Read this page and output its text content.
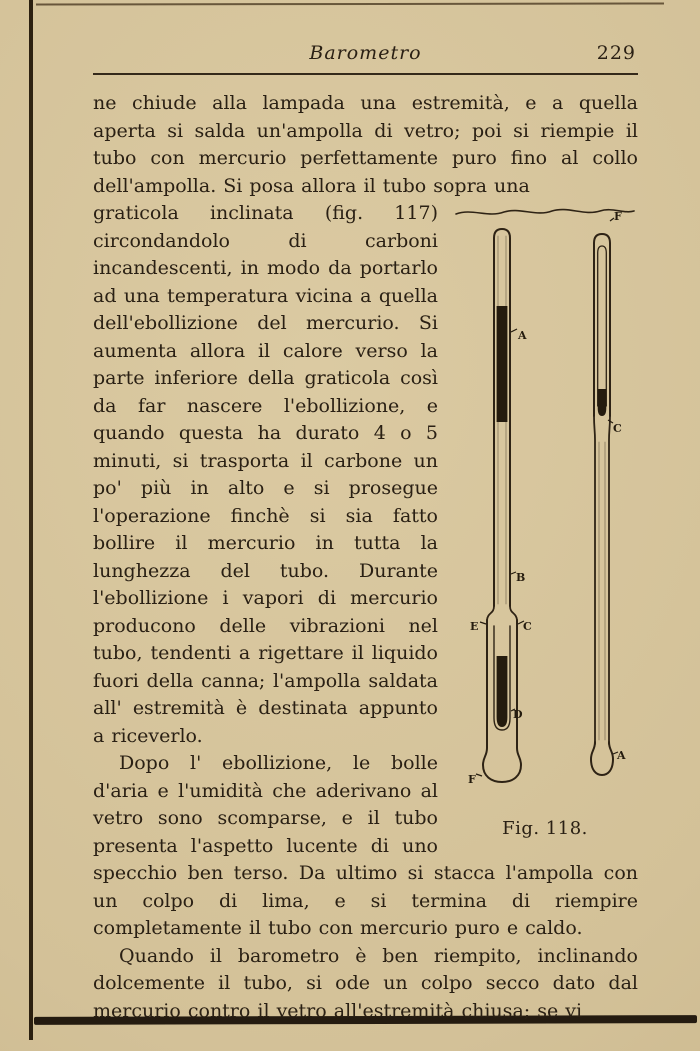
Barometro	229

ne chiude alla lampada una estremità, e a quella aperta si salda un'ampolla di vetro; poi si riempie il tubo con mercurio perfettamente puro fino al collo dell'ampolla. Si posa allora il tubo sopra una

A
B
E	C
D
F
F
C
A
Fig. 118.

graticola inclinata (fig. 117) circondandolo di carboni incandescenti, in modo da portarlo ad una temperatura vicina a quella dell'ebollizione del mercurio. Si aumenta allora il calore verso la parte inferiore della graticola così da far nascere l'ebollizione, e quando questa ha durato 4 o 5 minuti, si trasporta il carbone un po' più in alto e si prosegue l'operazione finchè si sia fatto bollire il mercurio in tutta la lunghezza del tubo. Durante l'ebollizione i vapori di mercurio producono delle vibrazioni nel tubo, tendenti a rigettare il liquido fuori della canna; l'ampolla saldata all' estremità è destinata appunto a riceverlo.

Dopo l' ebollizione, le bolle d'aria e l'umidità che aderivano al vetro sono scomparse, e il tubo presenta l'aspetto lucente di uno specchio ben terso. Da ultimo si stacca l'ampolla con un colpo di lima, e si termina di riempire completamente il tubo con mercurio puro e caldo.

Quando il barometro è ben riempito, inclinando dolcemente il tubo, si ode un colpo secco dato dal mercurio contro il vetro all'estremità chiusa; se vi
